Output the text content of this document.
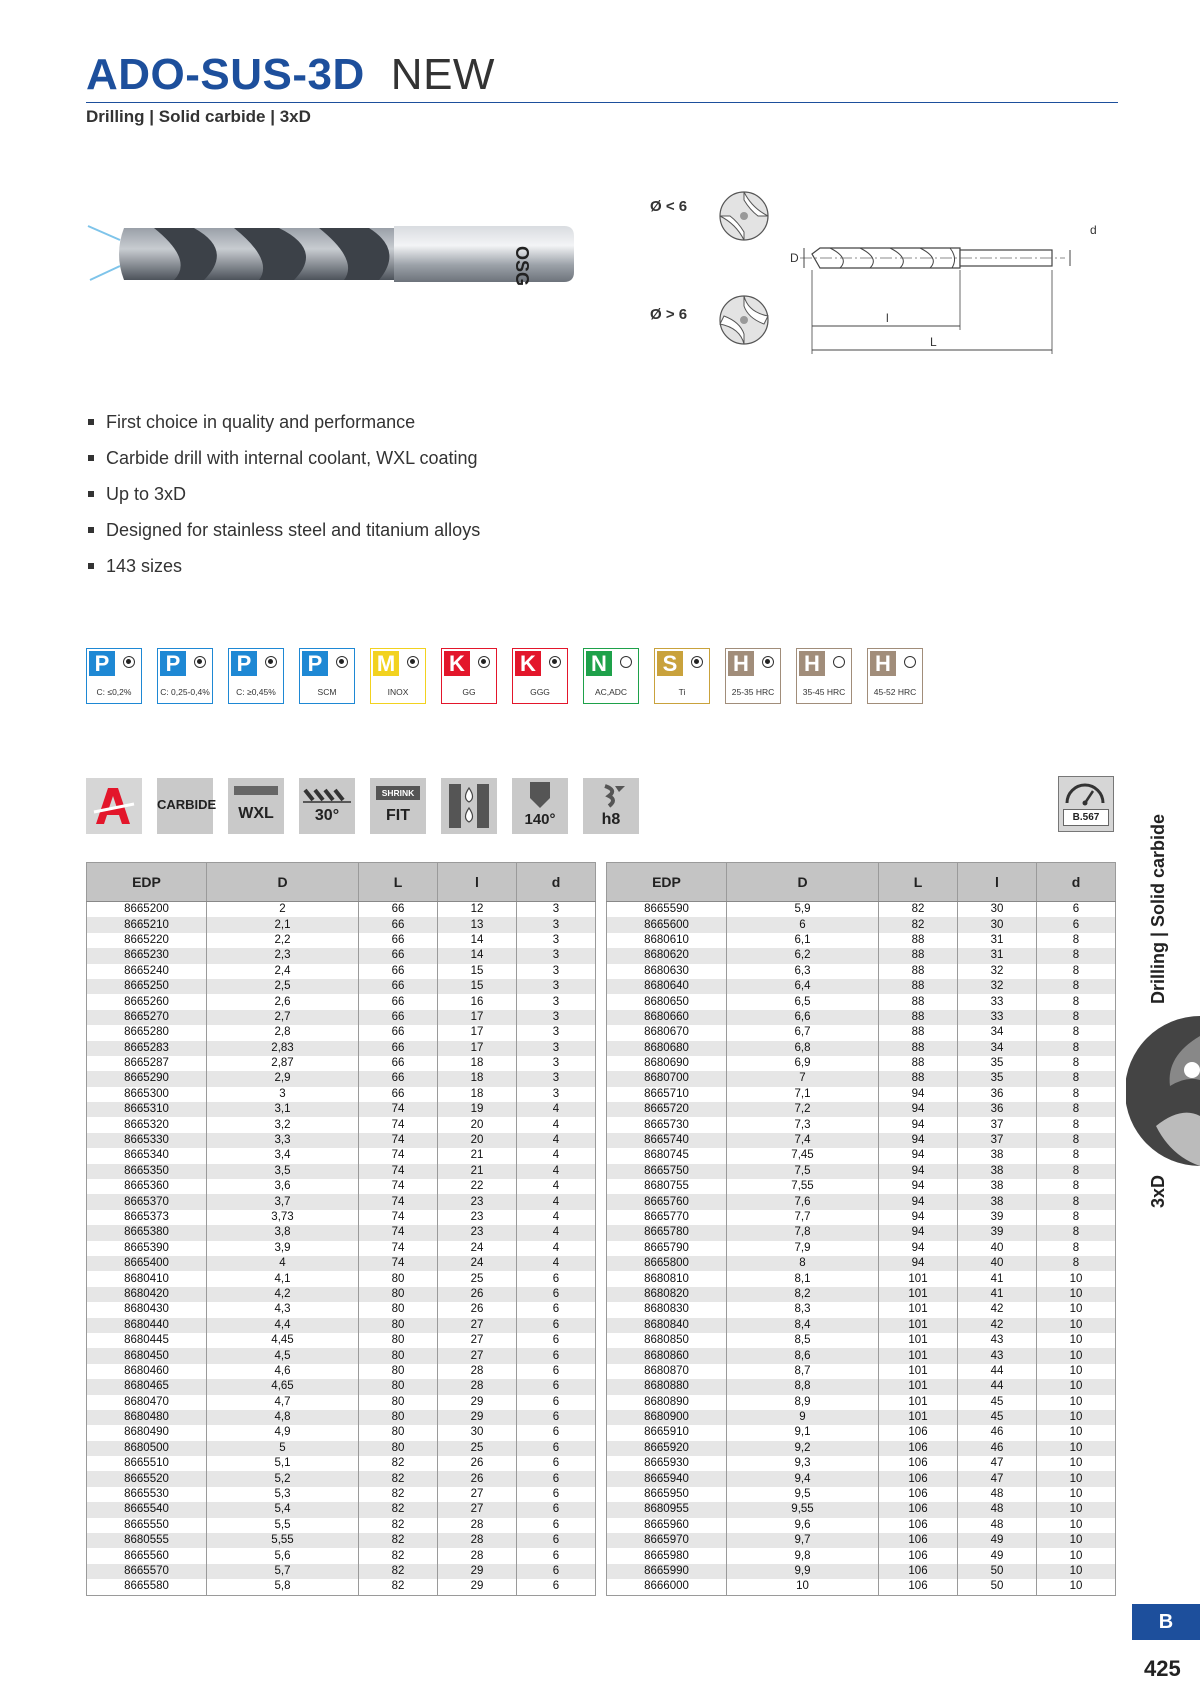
ADO-SUS-3D NEW
Drilling | Solid carbide | 3xD
OSG
Ø < 6
Ø > 6
D
d
l
L
First choice in quality and performance
Carbide drill with internal coolant, WXL coating
Up to 3xD
Designed for stainless steel and titanium alloys
143 sizes
P
C: ≤0,2%
P
C: 0,25-0,4%
P
C: ≥0,45%
P
SCM
M
INOX
K
GG
K
GGG
N
AC,ADC
S
Ti
H
25-35 HRC
H
35-45 HRC
H
45-52 HRC
CARBIDE
WXL	30°
SHRINK
FIT	140°	h8	B.567
EDP	D	L	l	d
8665200	2	66	12	3
8665210	2,1	66	13	3
8665220	2,2	66	14	3
8665230	2,3	66	14	3
8665240	2,4	66	15	3
8665250	2,5	66	15	3
8665260	2,6	66	16	3
8665270	2,7	66	17	3
8665280	2,8	66	17	3
8665283	2,83	66	17	3
8665287	2,87	66	18	3
8665290	2,9	66	18	3
8665300	3	66	18	3
8665310	3,1	74	19	4
8665320	3,2	74	20	4
8665330	3,3	74	20	4
8665340	3,4	74	21	4
8665350	3,5	74	21	4
8665360	3,6	74	22	4
8665370	3,7	74	23	4
8665373	3,73	74	23	4
8665380	3,8	74	23	4
8665390	3,9	74	24	4
8665400	4	74	24	4
8680410	4,1	80	25	6
8680420	4,2	80	26	6
8680430	4,3	80	26	6
8680440	4,4	80	27	6
8680445	4,45	80	27	6
8680450	4,5	80	27	6
8680460	4,6	80	28	6
8680465	4,65	80	28	6
8680470	4,7	80	29	6
8680480	4,8	80	29	6
8680490	4,9	80	30	6
8680500	5	80	25	6
8665510	5,1	82	26	6
8665520	5,2	82	26	6
8665530	5,3	82	27	6
8665540	5,4	82	27	6
8665550	5,5	82	28	6
8680555	5,55	82	28	6
8665560	5,6	82	28	6
8665570	5,7	82	29	6
8665580	5,8	82	29	6
EDP	D	L	l	d
8665590	5,9	82	30	6
8665600	6	82	30	6
8680610	6,1	88	31	8
8680620	6,2	88	31	8
8680630	6,3	88	32	8
8680640	6,4	88	32	8
8680650	6,5	88	33	8
8680660	6,6	88	33	8
8680670	6,7	88	34	8
8680680	6,8	88	34	8
8680690	6,9	88	35	8
8680700	7	88	35	8
8665710	7,1	94	36	8
8665720	7,2	94	36	8
8665730	7,3	94	37	8
8665740	7,4	94	37	8
8680745	7,45	94	38	8
8665750	7,5	94	38	8
8680755	7,55	94	38	8
8665760	7,6	94	38	8
8665770	7,7	94	39	8
8665780	7,8	94	39	8
8665790	7,9	94	40	8
8665800	8	94	40	8
8680810	8,1	101	41	10
8680820	8,2	101	41	10
8680830	8,3	101	42	10
8680840	8,4	101	42	10
8680850	8,5	101	43	10
8680860	8,6	101	43	10
8680870	8,7	101	44	10
8680880	8,8	101	44	10
8680890	8,9	101	45	10
8680900	9	101	45	10
8665910	9,1	106	46	10
8665920	9,2	106	46	10
8665930	9,3	106	47	10
8665940	9,4	106	47	10
8665950	9,5	106	48	10
8680955	9,55	106	48	10
8665960	9,6	106	48	10
8665970	9,7	106	49	10
8665980	9,8	106	49	10
8665990	9,9	106	50	10
8666000	10	106	50	10
Drilling | Solid carbide
3xD
B
425
